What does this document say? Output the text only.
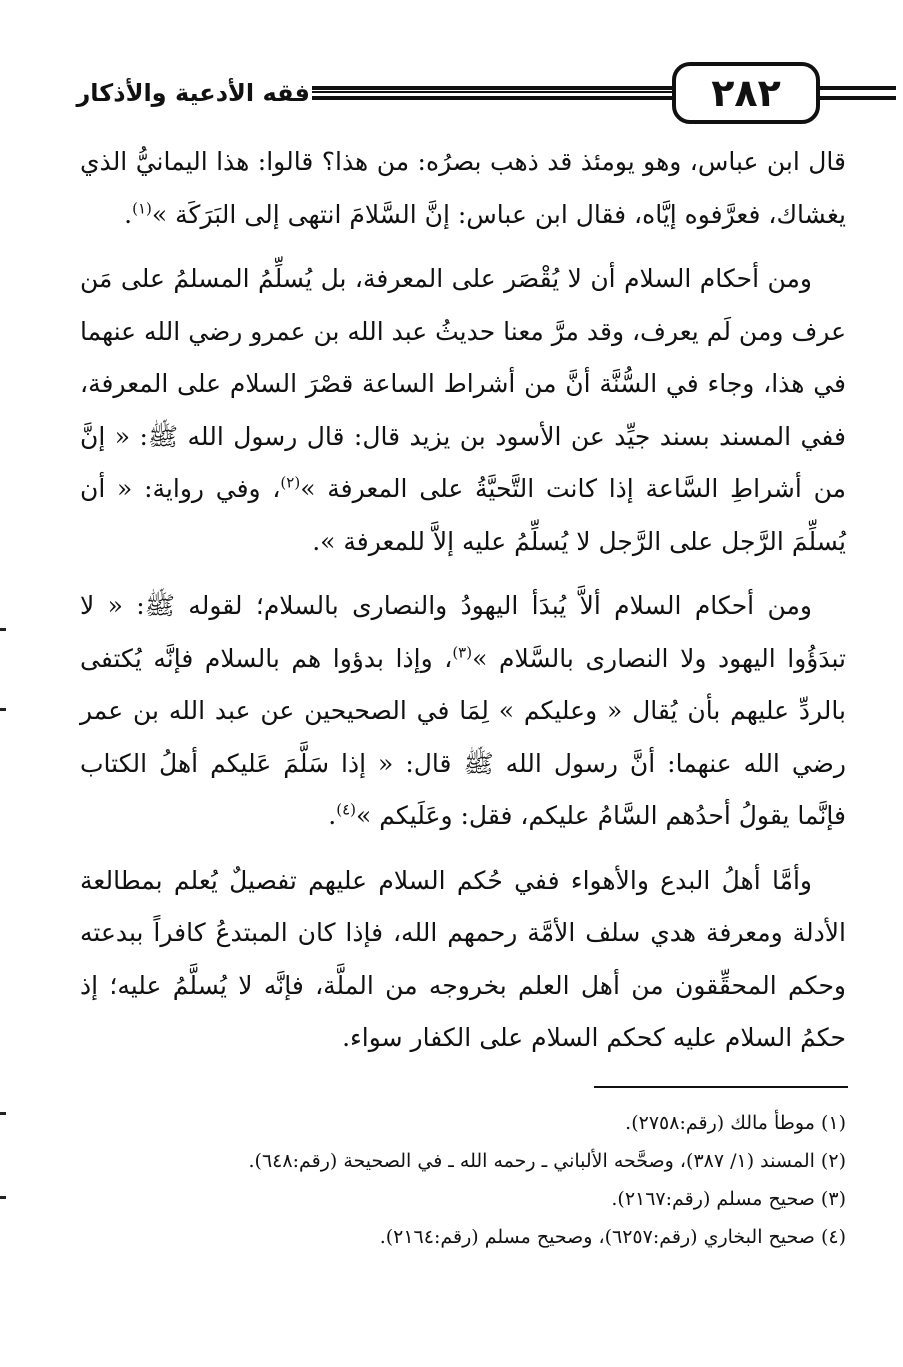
فقه الأدعية والأذكار	٢٨٢

قال ابن عباس، وهو يومئذ قد ذهب بصرُه: من هذا؟ قالوا: هذا اليمانيُّ الذي يغشاك، فعرَّفوه إيَّاه، فقال ابن عباس: إنَّ السَّلامَ انتهى إلى البَرَكَة »$^{(١)}$.

ومن أحكام السلام أن لا يُقْصَر على المعرفة، بل يُسلِّمُ المسلمُ على مَن عرف ومن لَم يعرف، وقد مرَّ معنا حديثُ عبد الله بن عمرو رضي الله عنهما في هذا، وجاء في السُّنَّة أنَّ من أشراط الساعة قصْرَ السلام على المعرفة، ففي المسند بسند جيِّد عن الأسود بن يزيد قال: قال رسول الله ﷺ: « إنَّ من أشراطِ السَّاعة إذا كانت التَّحيَّةُ على المعرفة »$^{(٢)}$، وفي رواية: « أن يُسلِّمَ الرَّجل على الرَّجل لا يُسلِّمُ عليه إلاَّ للمعرفة ».

ومن أحكام السلام ألاَّ يُبدَأ اليهودُ والنصارى بالسلام؛ لقوله ﷺ: « لا تبدَؤُوا اليهود ولا النصارى بالسَّلام »$^{(٣)}$، وإذا بدؤوا هم بالسلام فإنَّه يُكتفى بالردِّ عليهم بأن يُقال « وعليكم » لِمَا في الصحيحين عن عبد الله بن عمر رضي الله عنهما: أنَّ رسول الله ﷺ قال: « إذا سَلَّمَ عَليكم أهلُ الكتاب فإنَّما يقولُ أحدُهم السَّامُ عليكم، فقل: وعَلَيكم »$^{(٤)}$.

وأمَّا أهلُ البدع والأهواء ففي حُكم السلام عليهم تفصيلٌ يُعلم بمطالعة الأدلة ومعرفة هدي سلف الأمَّة رحمهم الله، فإذا كان المبتدعُ كافراً ببدعته وحكم المحقِّقون من أهل العلم بخروجه من الملَّة، فإنَّه لا يُسلَّمُ عليه؛ إذ حكمُ السلام عليه كحكم السلام على الكفار سواء.

(١) موطأ مالك (رقم:٢٧٥٨).
(٢) المسند (١/ ٣٨٧)، وصحَّحه الألباني ـ رحمه الله ـ في الصحيحة (رقم:٦٤٨).
(٣) صحيح مسلم (رقم:٢١٦٧).
(٤) صحيح البخاري (رقم:٦٢٥٧)، وصحيح مسلم (رقم:٢١٦٤).
